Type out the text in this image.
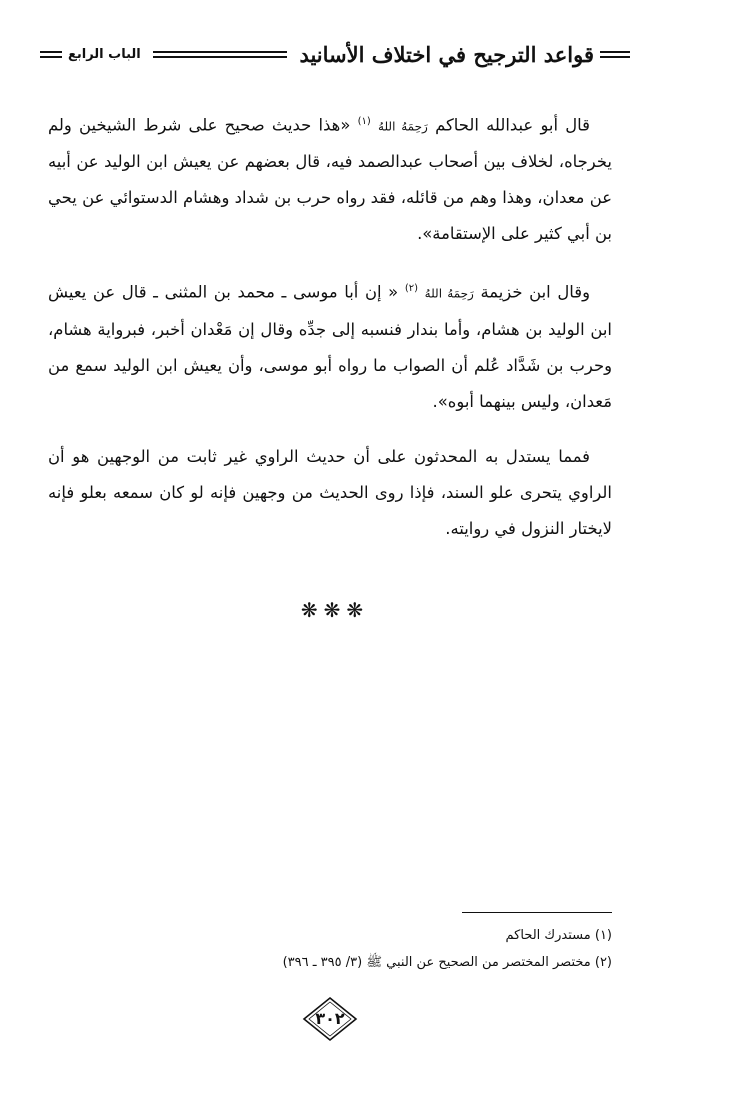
قواعد الترجيح في اختلاف الأسانيد
الباب الرابع

قال أبو عبدالله الحاكم رَحِمَهُ اللهُ $^{(١)}$ «هذا حديث صحيح على شرط الشيخين ولم يخرجاه، لخلاف بين أصحاب عبدالصمد فيه، قال بعضهم عن يعيش ابن الوليد عن أبيه عن معدان، وهذا وهم من قائله، فقد رواه حرب بن شداد وهشام الدستوائي عن يحي بن أبي كثير على الإستقامة».

وقال ابن خزيمة رَحِمَهُ اللهُ $^{(٢)}$ « إن أبا موسى ـ محمد بن المثنى ـ قال عن يعيش ابن الوليد بن هشام، وأما بندار فنسبه إلى جدِّه وقال إن مَعْدان أخبر، فبرواية هشام، وحرب بن شَدَّاد عُلم أن الصواب ما رواه أبو موسى، وأن يعيش ابن الوليد سمع من مَعدان، وليس بينهما أبوه».

فمما يستدل به المحدثون على أن حديث الراوي غير ثابت من الوجهين هو أن الراوي يتحرى علو السند، فإذا روى الحديث من وجهين فإنه لو كان سمعه بعلو فإنه لايختار النزول في روايته.

❋❋❋
(١) مستدرك الحاكم
(٢) مختصر المختصر من الصحيح عن النبي ﷺ (٣/ ٣٩٥ ـ ٣٩٦)
٣٠٢
